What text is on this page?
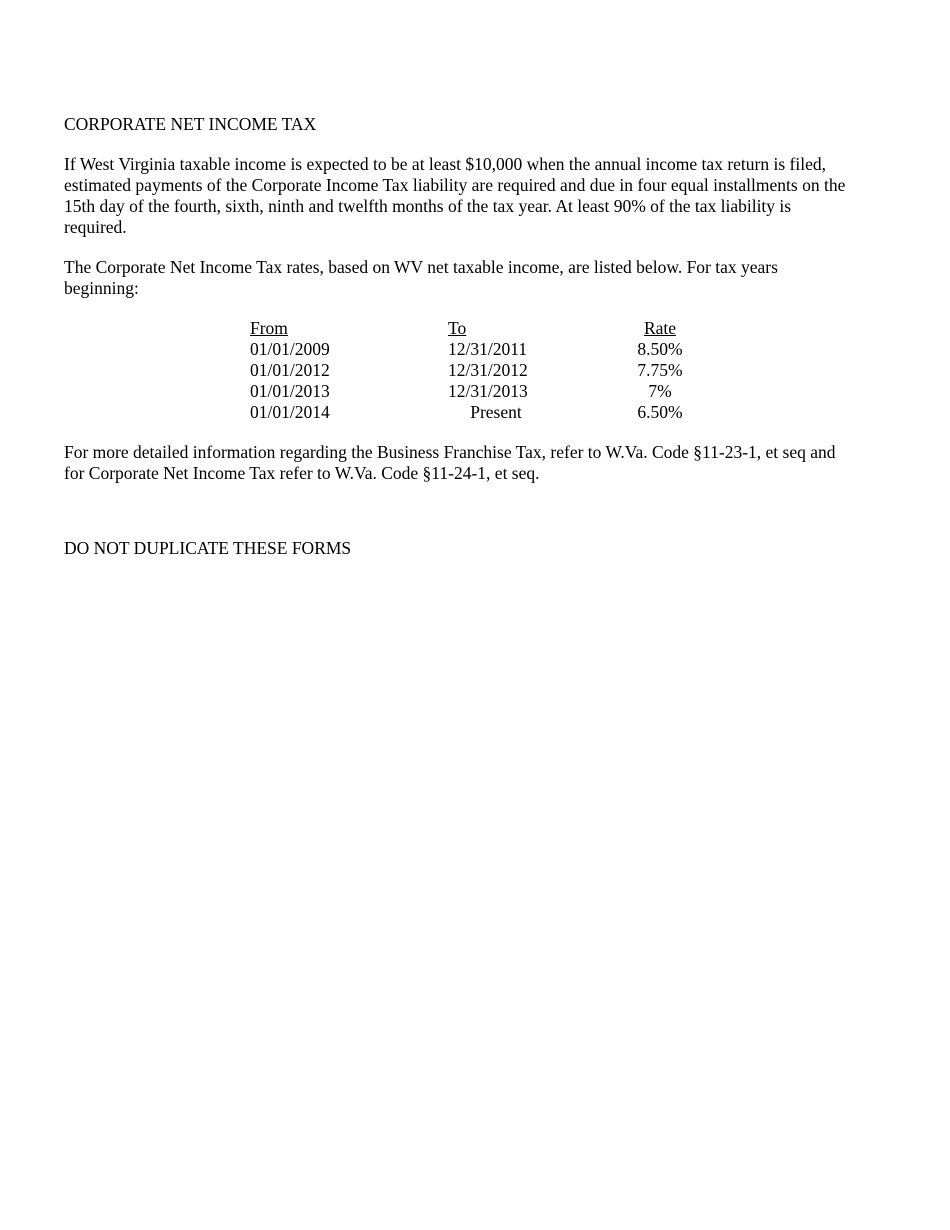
CORPORATE NET INCOME TAX

If West Virginia taxable income is expected to be at least $10,000 when the annual income tax return is filed, estimated payments of the Corporate Income Tax liability are required and due in four equal installments on the 15th day of the fourth, sixth, ninth and twelfth months of the tax year. At least 90% of the tax liability is required.

The Corporate Net Income Tax rates, based on WV net taxable income, are listed below. For tax years beginning:

From
01/01/2009
01/01/2012
01/01/2013
01/01/2014
To
12/31/2011
12/31/2012
12/31/2013
Present
Rate
8.50%
7.75%
7%
6.50%

For more detailed information regarding the Business Franchise Tax, refer to W.Va. Code §11-23-1, et seq and for Corporate Net Income Tax refer to W.Va. Code §11-24-1, et seq.

DO NOT DUPLICATE THESE FORMS
